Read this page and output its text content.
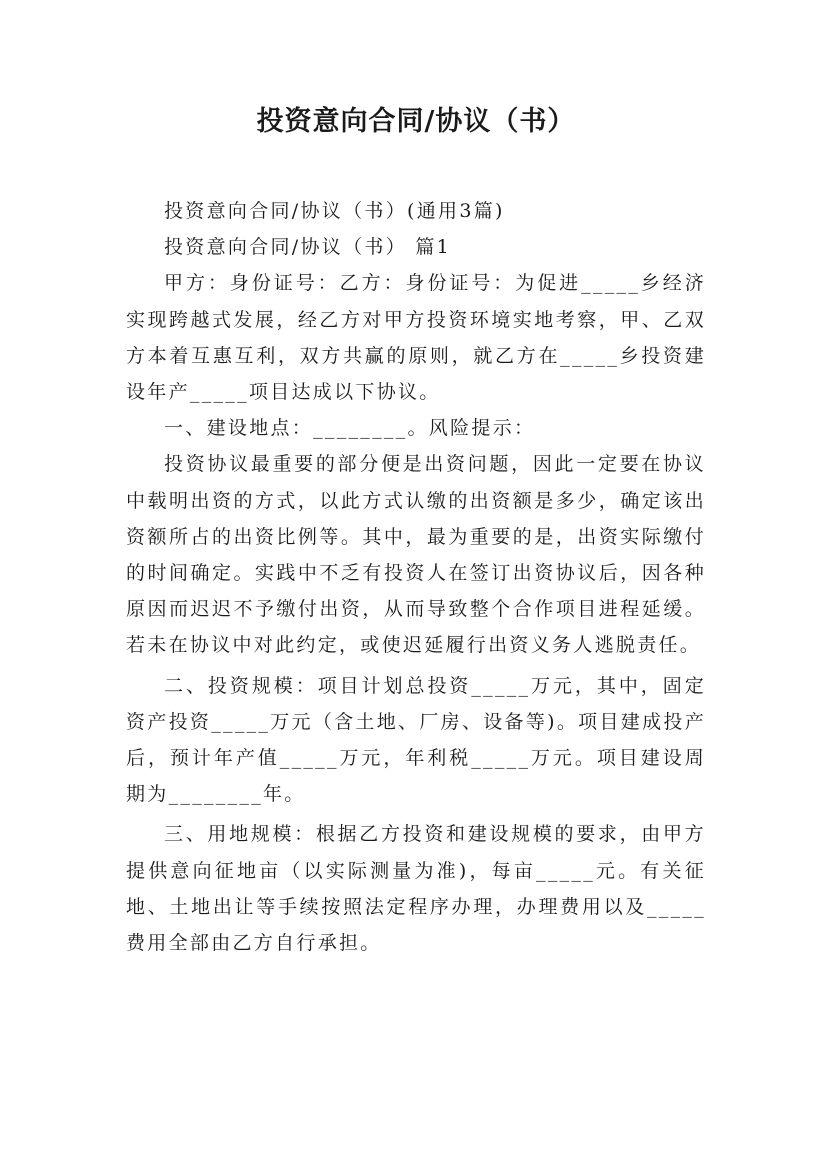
投资意向合同/协议（书）

投资意向合同/协议（书）(通用3篇)

投资意向合同/协议（书） 篇1

甲方：身份证号：乙方：身份证号：为促进_____乡经济实现跨越式发展，经乙方对甲方投资环境实地考察，甲、乙双方本着互惠互利，双方共赢的原则，就乙方在_____乡投资建设年产_____项目达成以下协议。

一、建设地点：________。风险提示：

投资协议最重要的部分便是出资问题，因此一定要在协议中载明出资的方式，以此方式认缴的出资额是多少，确定该出资额所占的出资比例等。其中，最为重要的是，出资实际缴付的时间确定。实践中不乏有投资人在签订出资协议后，因各种原因而迟迟不予缴付出资，从而导致整个合作项目进程延缓。若未在协议中对此约定，或使迟延履行出资义务人逃脱责任。

二、投资规模：项目计划总投资_____万元，其中，固定资产投资_____万元（含土地、厂房、设备等)。项目建成投产后，预计年产值_____万元，年利税_____万元。项目建设周期为________年。

三、用地规模：根据乙方投资和建设规模的要求，由甲方提供意向征地亩（以实际测量为准)，每亩_____元。有关征地、土地出让等手续按照法定程序办理，办理费用以及_____费用全部由乙方自行承担。
